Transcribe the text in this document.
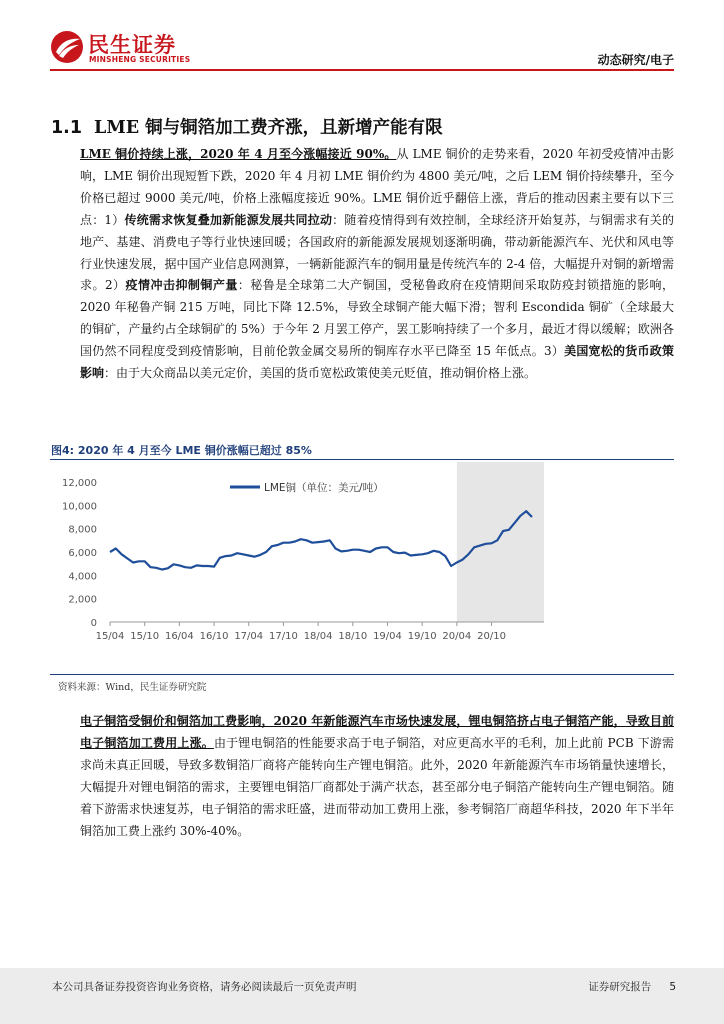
民生证券
MINSHENG SECURITIES	动态研究/电子
1.1 LME 铜与铜箔加工费齐涨，且新增产能有限
LME 铜价持续上涨，2020 年 4 月至今涨幅接近 90%。从 LME 铜价的走势来看，2020 年初受疫情冲击影响，LME 铜价出现短暂下跌，2020 年 4 月初 LME 铜价约为 4800 美元/吨，之后 LEM 铜价持续攀升，至今价格已超过 9000 美元/吨，价格上涨幅度接近 90%。LME 铜价近乎翻倍上涨，背后的推动因素主要有以下三点：1）传统需求恢复叠加新能源发展共同拉动：随着疫情得到有效控制，全球经济开始复苏，与铜需求有关的地产、基建、消费电子等行业快速回暖；各国政府的新能源发展规划逐渐明确，带动新能源汽车、光伏和风电等行业快速发展，据中国产业信息网测算，一辆新能源汽车的铜用量是传统汽车的 2-4 倍，大幅提升对铜的新增需求。2）疫情冲击抑制铜产量：秘鲁是全球第二大产铜国，受秘鲁政府在疫情期间采取防疫封锁措施的影响，2020 年秘鲁产铜 215 万吨，同比下降 12.5%，导致全球铜产能大幅下滑；智利 Escondida 铜矿（全球最大的铜矿，产量约占全球铜矿的 5%）于今年 2 月罢工停产，罢工影响持续了一个多月，最近才得以缓解；欧洲各国仍然不同程度受到疫情影响，目前伦敦金属交易所的铜库存水平已降至 15 年低点。3）美国宽松的货币政策影响：由于大众商品以美元定价，美国的货币宽松政策使美元贬值，推动铜价格上涨。
图4: 2020 年 4 月至今 LME 铜价涨幅已超过 85%
0
2,000
4,000
6,000
8,000
10,000
12,000
15/04 15/10 16/04 16/10 17/04 17/10 18/04 18/10 19/04 19/10 20/04 20/10
LME铜（单位：美元/吨）
资料来源：Wind，民生证券研究院
电子铜箔受铜价和铜箔加工费影响，2020 年新能源汽车市场快速发展，锂电铜箔挤占电子铜箔产能，导致目前电子铜箔加工费用上涨。由于锂电铜箔的性能要求高于电子铜箔，对应更高水平的毛利，加上此前 PCB 下游需求尚未真正回暖，导致多数铜箔厂商将产能转向生产锂电铜箔。此外，2020 年新能源汽车市场销量快速增长，大幅提升对锂电铜箔的需求，主要锂电铜箔厂商都处于满产状态，甚至部分电子铜箔产能转向生产锂电铜箔。随着下游需求快速复苏，电子铜箔的需求旺盛，进而带动加工费用上涨，参考铜箔厂商超华科技，2020 年下半年铜箔加工费上涨约 30%-40%。
本公司具备证券投资咨询业务资格，请务必阅读最后一页免责声明	证券研究报告 5
